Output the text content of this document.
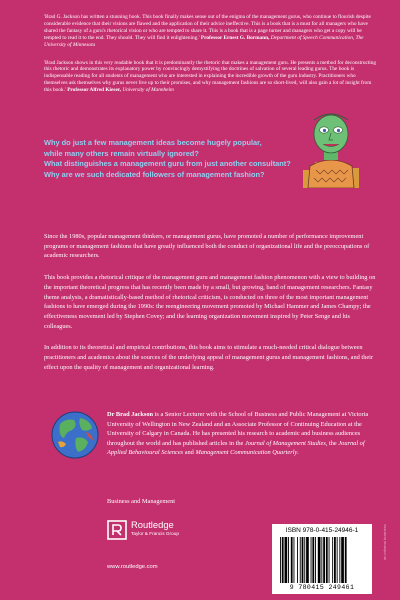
'Brad G. Jackson has written a stunning book. This book finally makes sense out of the enigma of the management gurus, who continue to flourish despite considerable evidence that their visions are flawed and the application of their advice ineffective. This is a book that is a must for all managers who have shared the fantasy of a guru's rhetorical vision or who are tempted to share it. This is a book that is a page turner and managers who get a copy will be tempted to read it to the end. They should. They will find it enlightening.' Professor Ernest G. Bormann, Department of Speech Communication, The University of Minnesota

'Brad Jackson shows in this very readable book that it is predominantly the rhetoric that makes a management guru. He presents a method for deconstructing this rhetoric and demonstrates its explanatory power by convincingly demystifying the doctrines of salvation of several leading gurus. The book is indispensable reading for all students of management who are interested in explaining the incredible growth of the guru industry. Practitioners who themselves ask themselves why gurus never live up to their promises, and why management fashions are so short-lived, will also gain a lot of insight from this book.' Professor Alfred Kieser, University of Mannheim

Why do just a few management ideas become hugely popular,
while many others remain virtually ignored?
What distinguishes a management guru from just another consultant?
Why are we such dedicated followers of management fashion?

Since the 1980s, popular management thinkers, or management gurus, have promoted a number of performance improvement programs or management fashions that have greatly influenced both the conduct of organizational life and the preoccupations of academic researchers.

This book provides a rhetorical critique of the management guru and management fashion phenomenon with a view to building on the important theoretical progress that has recently been made by a small, but growing, band of management researchers. Fantasy theme analysis, a dramatistically-based method of rhetorical criticism, is conducted on three of the most important management fashions to have emerged during the 1990s: the reengineering movement promoted by Michael Hammer and James Champy; the effectiveness movement led by Stephen Covey; and the learning organization movement inspired by Peter Senge and his colleagues.

In addition to its theoretical and empirical contributions, this book aims to stimulate a much-needed critical dialogue between practitioners and academics about the sources of the underlying appeal of management gurus and management fashions, and their effect upon the quality of management and organizational learning.

Dr Brad Jackson is a Senior Lecturer with the School of Business and Public Management at Victoria University of Wellington in New Zealand and an Associate Professor of Continuing Education at the University of Calgary in Canada. He has presented his research to academic and business audiences throughout the world and has published articles in the Journal of Management Studies, the Journal of Applied Behavioural Sciences and Management Communication Quarterly.
Business and Management
Routledge
Taylor & Francis Group
www.routledge.com
ISBN 978-0-415-24946-1
9 780415 249461
an informa business
